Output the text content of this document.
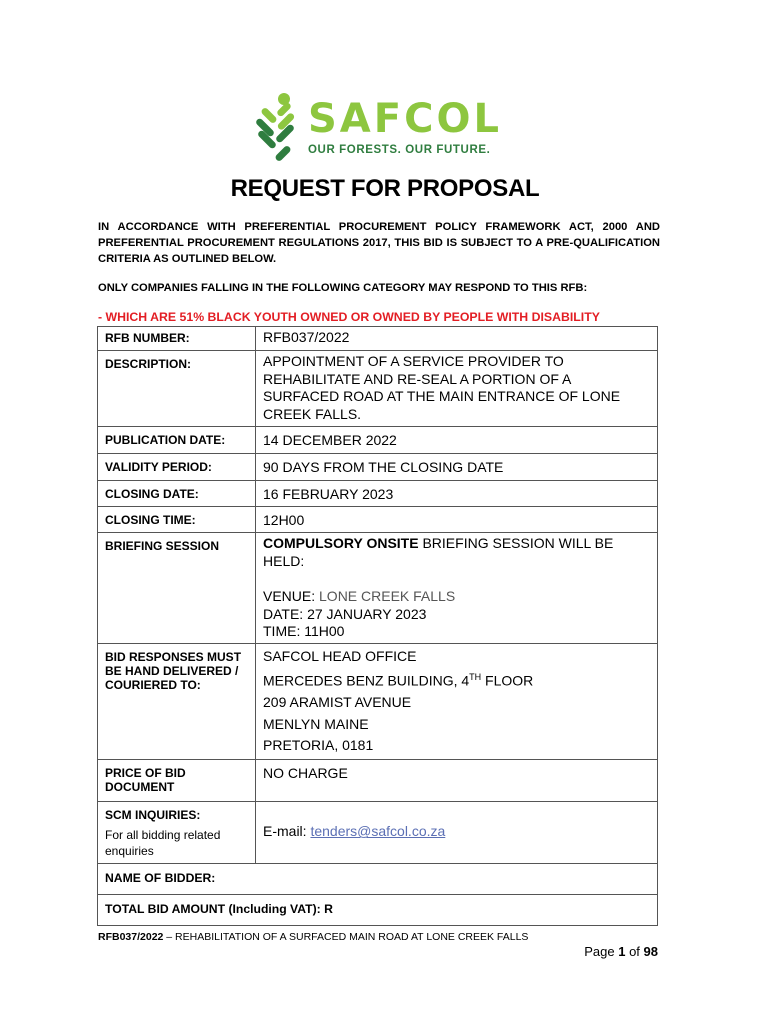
SAFCOL
OUR FORESTS. OUR FUTURE.
REQUEST FOR PROPOSAL
IN ACCORDANCE WITH PREFERENTIAL PROCUREMENT POLICY FRAMEWORK ACT, 2000 AND PREFERENTIAL PROCUREMENT REGULATIONS 2017, THIS BID IS SUBJECT TO A PRE-QUALIFICATION CRITERIA AS OUTLINED BELOW.
ONLY COMPANIES FALLING IN THE FOLLOWING CATEGORY MAY RESPOND TO THIS RFB:
- WHICH ARE 51% BLACK YOUTH OWNED OR OWNED BY PEOPLE WITH DISABILITY
RFB NUMBER:	RFB037/2022
DESCRIPTION:	APPOINTMENT OF A SERVICE PROVIDER TO REHABILITATE AND RE-SEAL A PORTION OF A SURFACED ROAD AT THE MAIN ENTRANCE OF LONE CREEK FALLS.
PUBLICATION DATE:	14 DECEMBER 2022
VALIDITY PERIOD:	90 DAYS FROM THE CLOSING DATE
CLOSING DATE:	16 FEBRUARY 2023
CLOSING TIME:	12H00
BRIEFING SESSION	COMPULSORY ONSITE BRIEFING SESSION WILL BE HELD:
VENUE: LONE CREEK FALLS
DATE: 27 JANUARY 2023
TIME: 11H00

BID RESPONSES MUST BE HAND DELIVERED / COURIERED TO:	SAFCOL HEAD OFFICE
MERCEDES BENZ BUILDING, 4TH FLOOR
209 ARAMIST AVENUE
MENLYN MAINE
PRETORIA, 0181

PRICE OF BID DOCUMENT	NO CHARGE
SCM INQUIRIES:
For all bidding related enquiries	E-mail: tenders@safcol.co.za
NAME OF BIDDER:	
TOTAL BID AMOUNT (Including VAT): R	
RFB037/2022 – REHABILITATION OF A SURFACED MAIN ROAD AT LONE CREEK FALLS
Page 1 of 98
